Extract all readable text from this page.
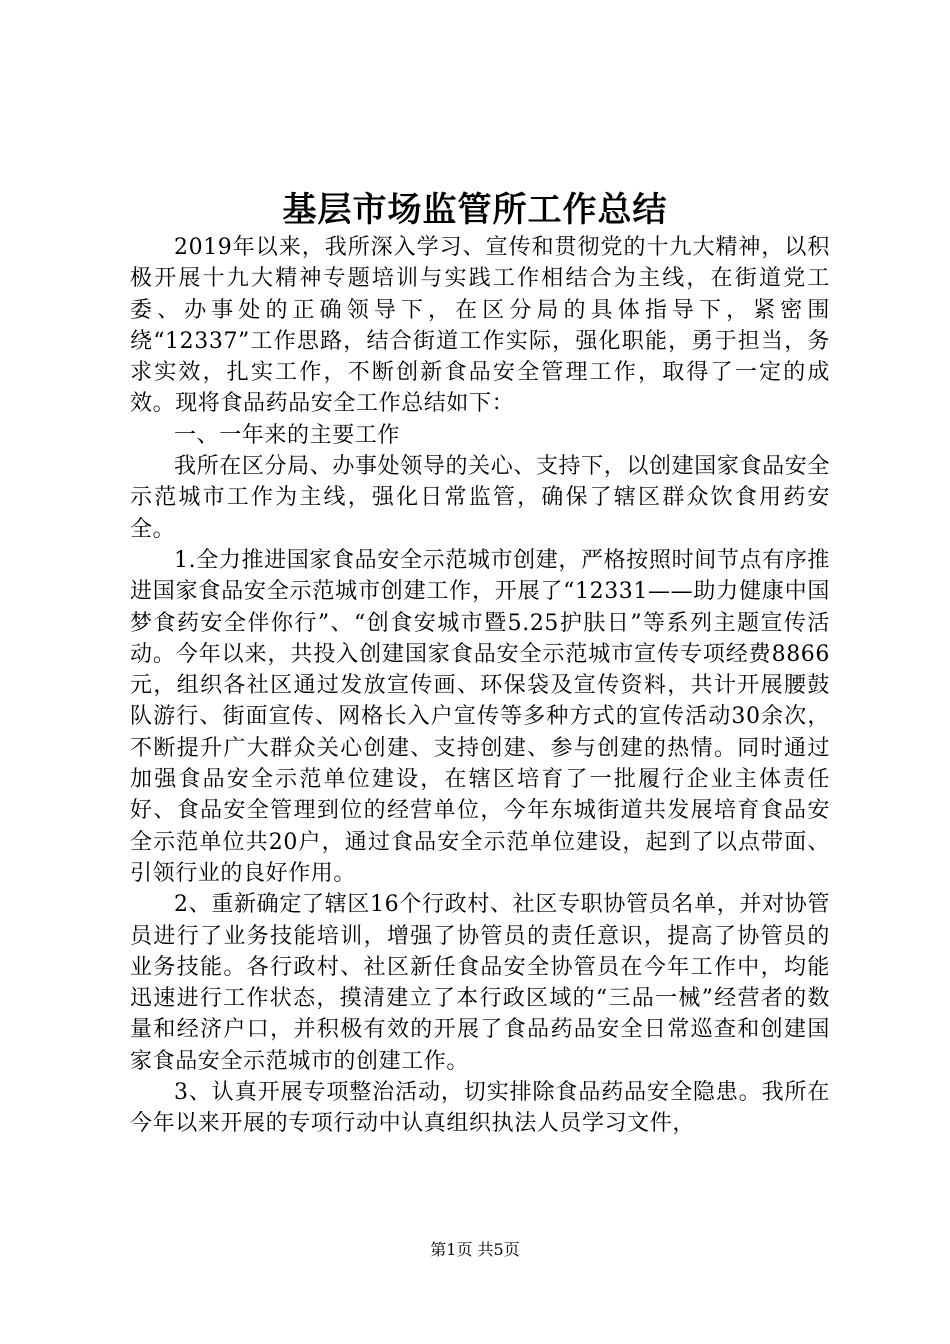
基层市场监管所工作总结

2019年以来，我所深入学习、宣传和贯彻党的十九大精神，以积极开展十九大精神专题培训与实践工作相结合为主线，在街道党工委、办事处的正确领导下，在区分局的具体指导下，紧密围绕“12337”工作思路，结合街道工作实际，强化职能，勇于担当，务求实效，扎实工作，不断创新食品安全管理工作，取得了一定的成效。现将食品药品安全工作总结如下：

一、一年来的主要工作

我所在区分局、办事处领导的关心、支持下，以创建国家食品安全示范城市工作为主线，强化日常监管，确保了辖区群众饮食用药安全。

1.全力推进国家食品安全示范城市创建，严格按照时间节点有序推进国家食品安全示范城市创建工作，开展了“12331——助力健康中国梦食药安全伴你行”、“创食安城市暨5.25护肤日”等系列主题宣传活动。今年以来，共投入创建国家食品安全示范城市宣传专项经费8866元，组织各社区通过发放宣传画、环保袋及宣传资料，共计开展腰鼓队游行、街面宣传、网格长入户宣传等多种方式的宣传活动30余次，不断提升广大群众关心创建、支持创建、参与创建的热情。同时通过加强食品安全示范单位建设，在辖区培育了一批履行企业主体责任好、食品安全管理到位的经营单位，今年东城街道共发展培育食品安全示范单位共20户，通过食品安全示范单位建设，起到了以点带面、引领行业的良好作用。

2、重新确定了辖区16个行政村、社区专职协管员名单，并对协管员进行了业务技能培训，增强了协管员的责任意识，提高了协管员的业务技能。各行政村、社区新任食品安全协管员在今年工作中，均能迅速进行工作状态，摸清建立了本行政区域的“三品一械”经营者的数量和经济户口，并积极有效的开展了食品药品安全日常巡查和创建国家食品安全示范城市的创建工作。

3、认真开展专项整治活动，切实排除食品药品安全隐患。我所在今年以来开展的专项行动中认真组织执法人员学习文件，

第1页 共5页
